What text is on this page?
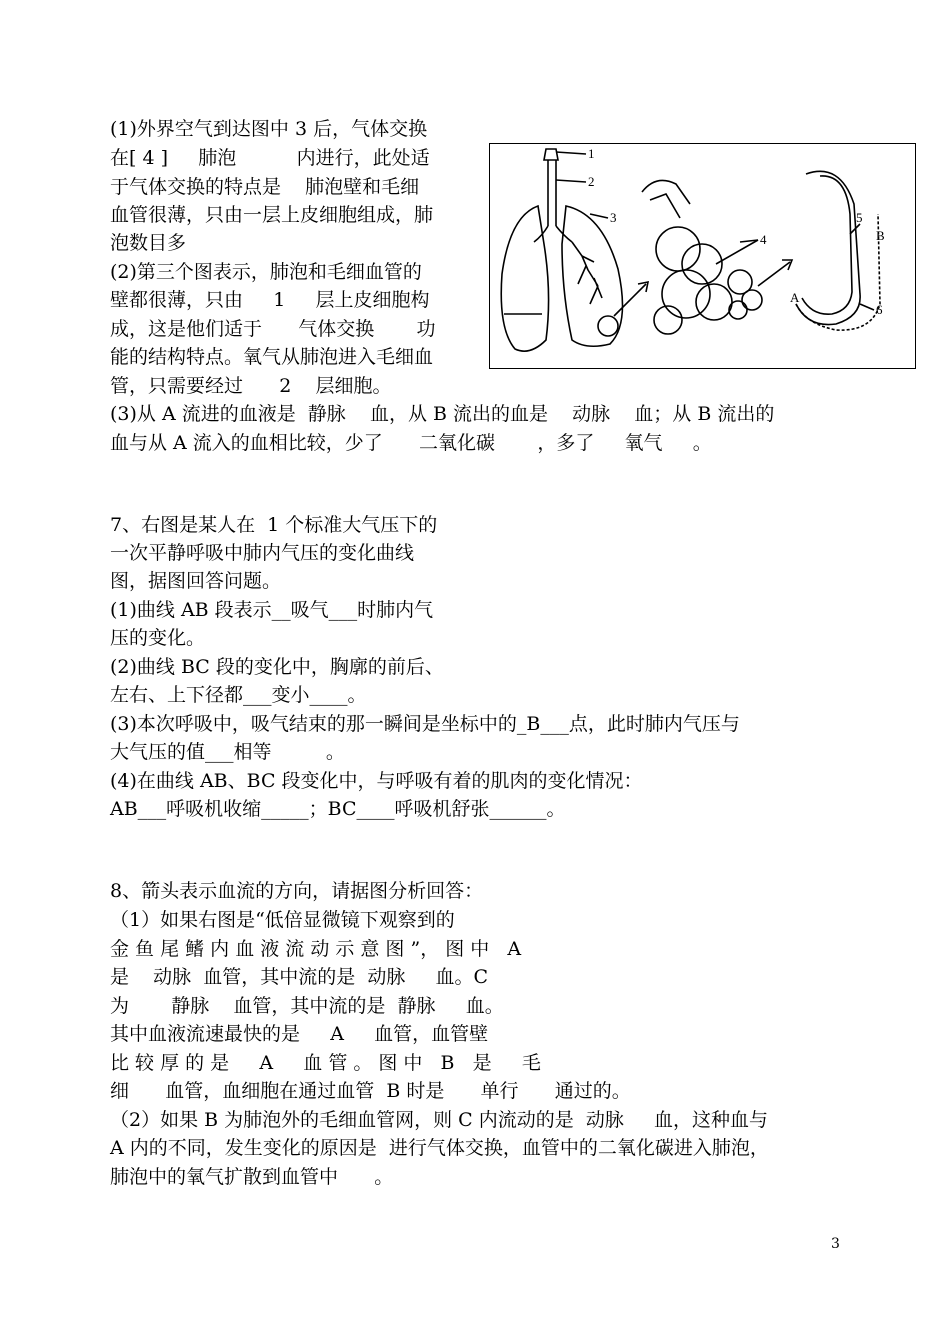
(1)外界空气到达图中 3 后，气体交换
在[ 4 ]     肺泡          内进行，此处适
于气体交换的特点是    肺泡壁和毛细
血管很薄，只由一层上皮细胞组成，肺
泡数目多
(2)第三个图表示，肺泡和毛细血管的
壁都很薄，只由     1     层上皮细胞构
成，这是他们适于      气体交换       功
能的结构特点。氧气从肺泡进入毛细血
管，只需要经过      2    层细胞。
(3)从 A 流进的血液是  静脉    血，从 B 流出的血是    动脉    血；从 B 流出的
血与从 A 流入的血相比较，少了      二氧化碳       ，多了     氧气     。
1
2
3
4
5
A
B
6
7、右图是某人在  1 个标准大气压下的
一次平静呼吸中肺内气压的变化曲线
图，据图回答问题。
(1)曲线 AB 段表示__吸气___时肺内气
压的变化。
(2)曲线 BC 段的变化中，胸廓的前后、
左右、上下径都___变小____。
(3)本次呼吸中，吸气结束的那一瞬间是坐标中的_B___点，此时肺内气压与
大气压的值___相等         。
(4)在曲线 AB、BC 段变化中，与呼吸有着的肌肉的变化情况：
AB___呼吸机收缩_____；BC____呼吸机舒张______。
8、箭头表示血流的方向，请据图分析回答：
（1）如果右图是“低倍显微镜下观察到的
金 鱼 尾 鳍 内 血 液 流 动 示 意 图 ”， 图 中   A
是    动脉  血管，其中流的是  动脉     血。C
为       静脉    血管，其中流的是  静脉     血。
其中血液流速最快的是     A     血管，血管壁
比 较 厚 的 是     A     血 管 。 图 中   B   是     毛
细      血管，血细胞在通过血管  B 时是      单行      通过的。
（2）如果 B 为肺泡外的毛细血管网，则 C 内流动的是  动脉     血，这种血与
A 内的不同，发生变化的原因是  进行气体交换，血管中的二氧化碳进入肺泡，
肺泡中的氧气扩散到血管中      。
3
